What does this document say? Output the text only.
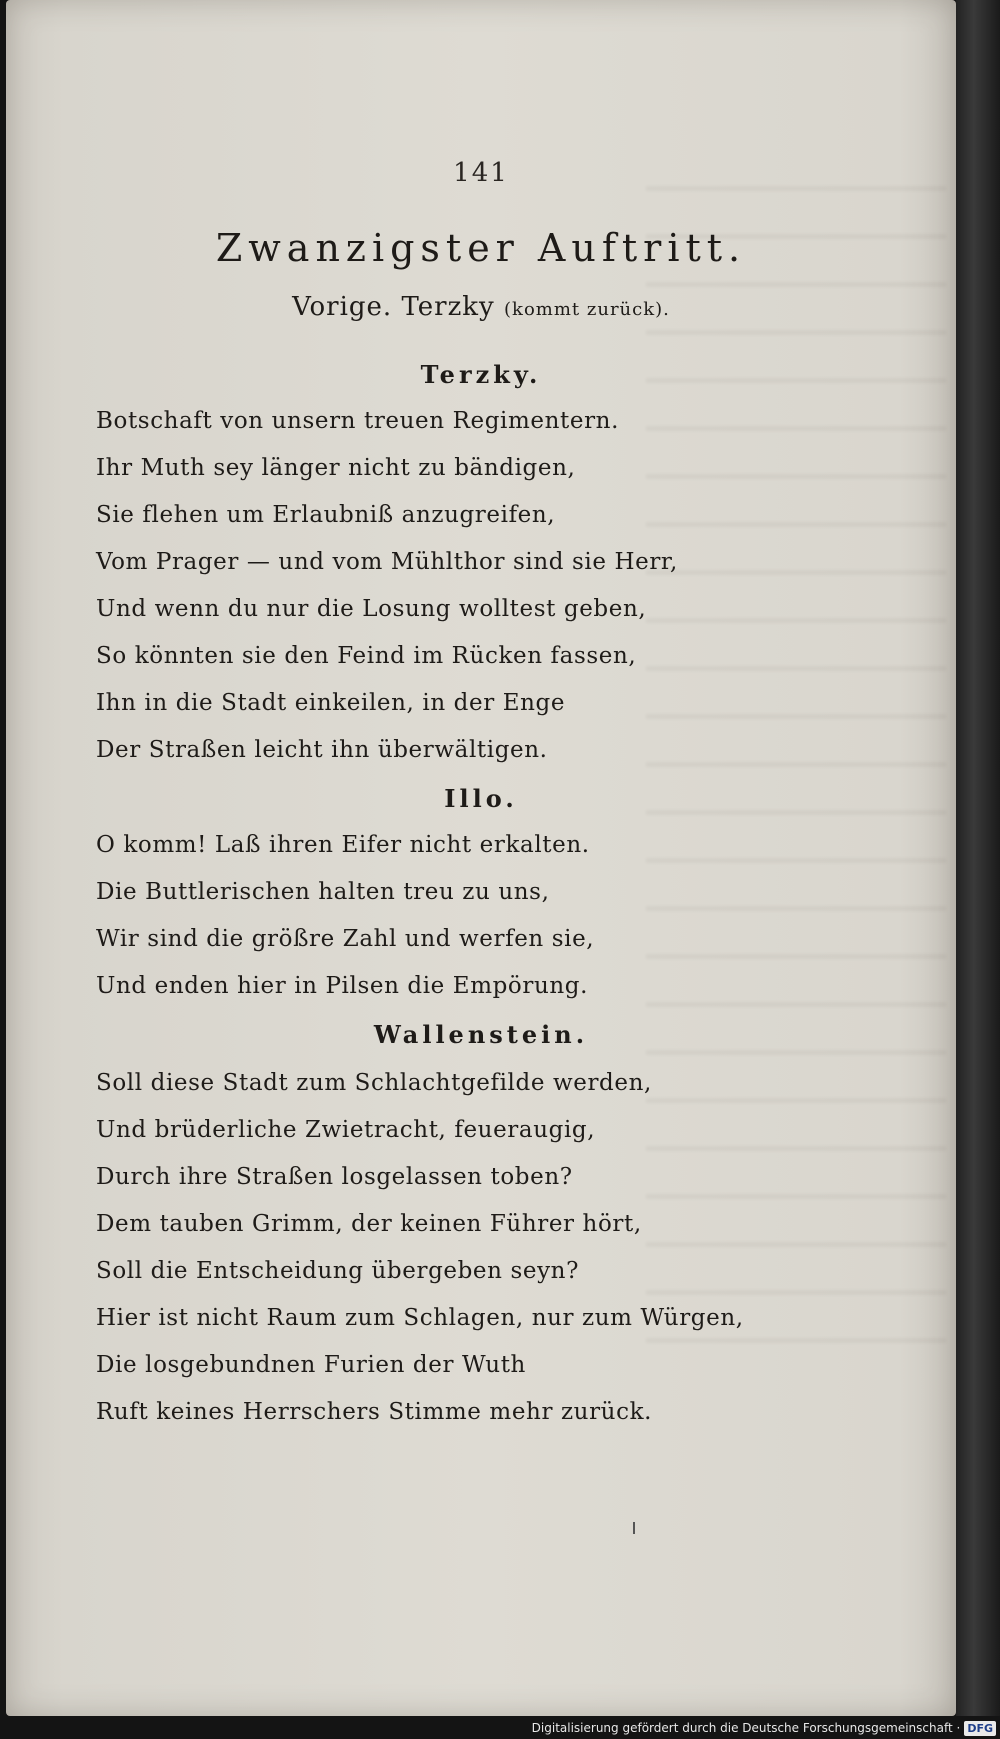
141
Zwanzigster Auftritt.
Vorige. Terzky (kommt zurück).
Terzky.
Botschaft von unsern treuen Regimentern.
Ihr Muth sey länger nicht zu bändigen,
Sie flehen um Erlaubniß anzugreifen,
Vom Prager — und vom Mühlthor sind sie Herr,
Und wenn du nur die Losung wolltest geben,
So könnten sie den Feind im Rücken fassen,
Ihn in die Stadt einkeilen, in der Enge
Der Straßen leicht ihn überwältigen.
Illo.
O komm! Laß ihren Eifer nicht erkalten.
Die Buttlerischen halten treu zu uns,
Wir sind die größre Zahl und werfen sie,
Und enden hier in Pilsen die Empörung.
Wallenstein.
Soll diese Stadt zum Schlachtgefilde werden,
Und brüderliche Zwietracht, feueraugig,
Durch ihre Straßen losgelassen toben?
Dem tauben Grimm, der keinen Führer hört,
Soll die Entscheidung übergeben seyn?
Hier ist nicht Raum zum Schlagen, nur zum Würgen,
Die losgebundnen Furien der Wuth
Ruft keines Herrschers Stimme mehr zurück.
Digitalisierung gefördert durch die Deutsche Forschungsgemeinschaft · DFG
